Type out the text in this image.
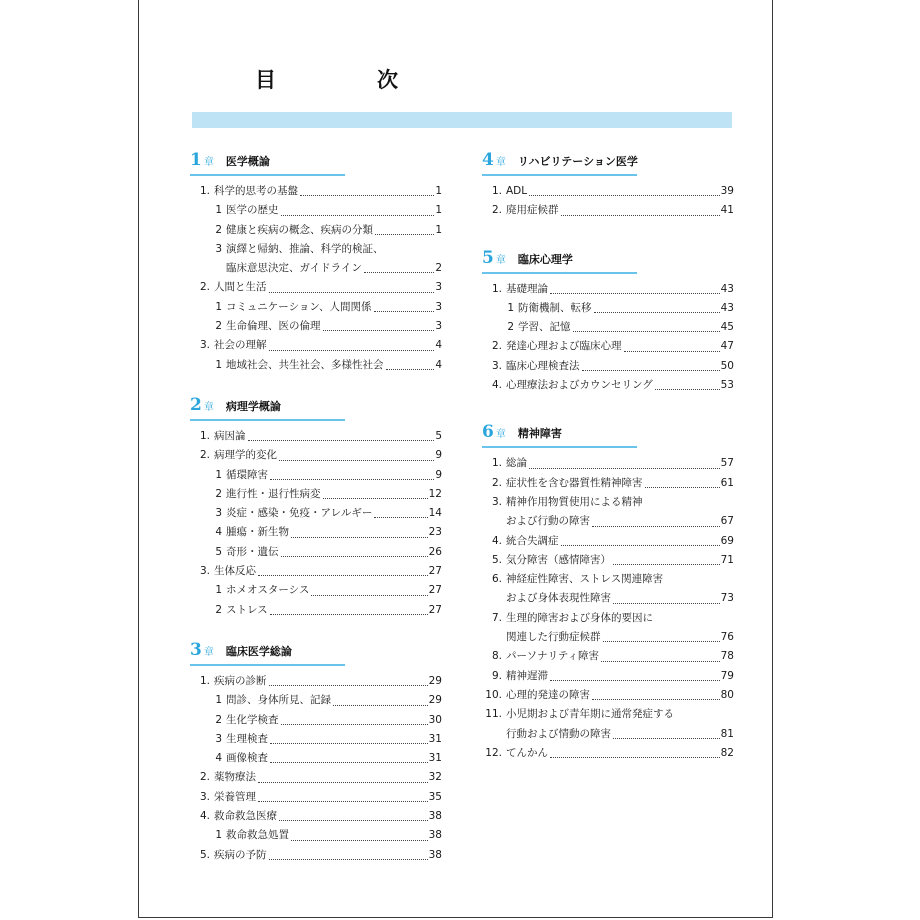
目　次
1 章 医学概論
1. 科学的思考の基盤	1
1 医学の歴史	1
2 健康と疾病の概念、疾病の分類	1
3 演繹と帰納、推論、科学的検証、
臨床意思決定、ガイドライン	2
2. 人間と生活	3
1 コミュニケーション、人間関係	3
2 生命倫理、医の倫理	3
3. 社会の理解	4
1 地域社会、共生社会、多様性社会	4
2 章 病理学概論
1. 病因論	5
2. 病理学的変化	9
1 循環障害	9
2 進行性・退行性病変	12
3 炎症・感染・免疫・アレルギー	14
4 腫瘍・新生物	23
5 奇形・遺伝	26
3. 生体反応	27
1 ホメオスターシス	27
2 ストレス	27
3 章 臨床医学総論
1. 疾病の診断	29
1 問診、身体所見、記録	29
2 生化学検査	30
3 生理検査	31
4 画像検査	31
2. 薬物療法	32
3. 栄養管理	35
4. 救命救急医療	38
1 救命救急処置	38
5. 疾病の予防	38
4 章 リハビリテーション医学
1. ADL	39
2. 廃用症候群	41
5 章 臨床心理学
1. 基礎理論	43
1 防衛機制、転移	43
2 学習、記憶	45
2. 発達心理および臨床心理	47
3. 臨床心理検査法	50
4. 心理療法およびカウンセリング	53
6 章 精神障害
1. 総論	57
2. 症状性を含む器質性精神障害	61
3. 精神作用物質使用による精神
および行動の障害	67
4. 統合失調症	69
5. 気分障害（感情障害）	71
6. 神経症性障害、ストレス関連障害
および身体表現性障害	73
7. 生理的障害および身体的要因に
関連した行動症候群	76
8. パーソナリティ障害	78
9. 精神遅滞	79
10. 心理的発達の障害	80
11. 小児期および青年期に通常発症する
行動および情動の障害	81
12. てんかん	82
